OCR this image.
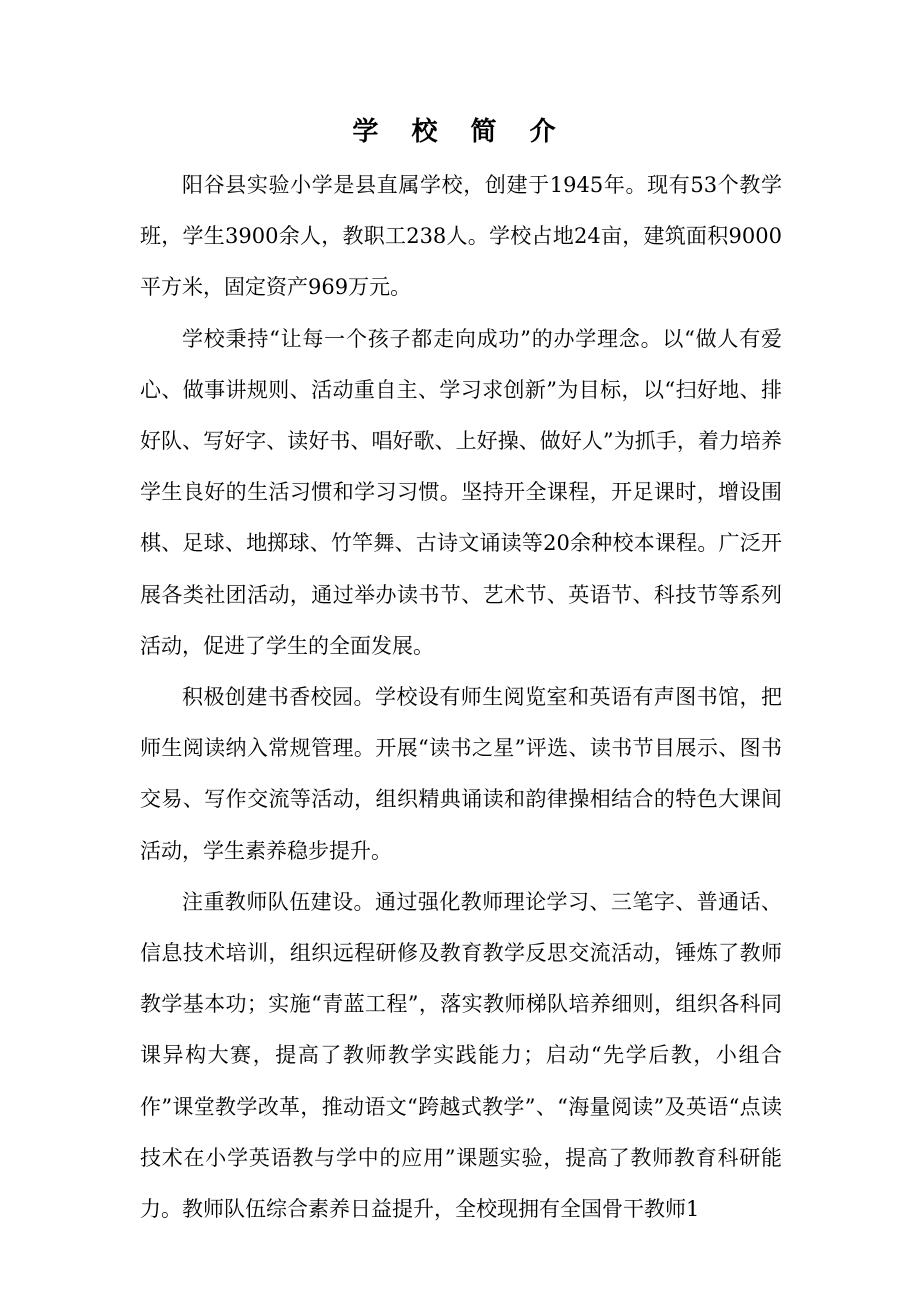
学 校 简 介

阳谷县实验小学是县直属学校，创建于1945年。现有53个教学班，学生3900余人，教职工238人。学校占地24亩，建筑面积9000平方米，固定资产969万元。

学校秉持“让每一个孩子都走向成功”的办学理念。以“做人有爱心、做事讲规则、活动重自主、学习求创新”为目标，以“扫好地、排好队、写好字、读好书、唱好歌、上好操、做好人”为抓手，着力培养学生良好的生活习惯和学习习惯。坚持开全课程，开足课时，增设围棋、足球、地掷球、竹竿舞、古诗文诵读等20余种校本课程。广泛开展各类社团活动，通过举办读书节、艺术节、英语节、科技节等系列活动，促进了学生的全面发展。

积极创建书香校园。学校设有师生阅览室和英语有声图书馆，把师生阅读纳入常规管理。开展“读书之星”评选、读书节目展示、图书交易、写作交流等活动，组织精典诵读和韵律操相结合的特色大课间活动，学生素养稳步提升。

注重教师队伍建设。通过强化教师理论学习、三笔字、普通话、信息技术培训，组织远程研修及教育教学反思交流活动，锤炼了教师教学基本功；实施“青蓝工程”，落实教师梯队培养细则，组织各科同课异构大赛，提高了教师教学实践能力；启动“先学后教，小组合作”课堂教学改革，推动语文“跨越式教学”、“海量阅读”及英语“点读技术在小学英语教与学中的应用”课题实验，提高了教师教育科研能力。教师队伍综合素养日益提升，全校现拥有全国骨干教师1
